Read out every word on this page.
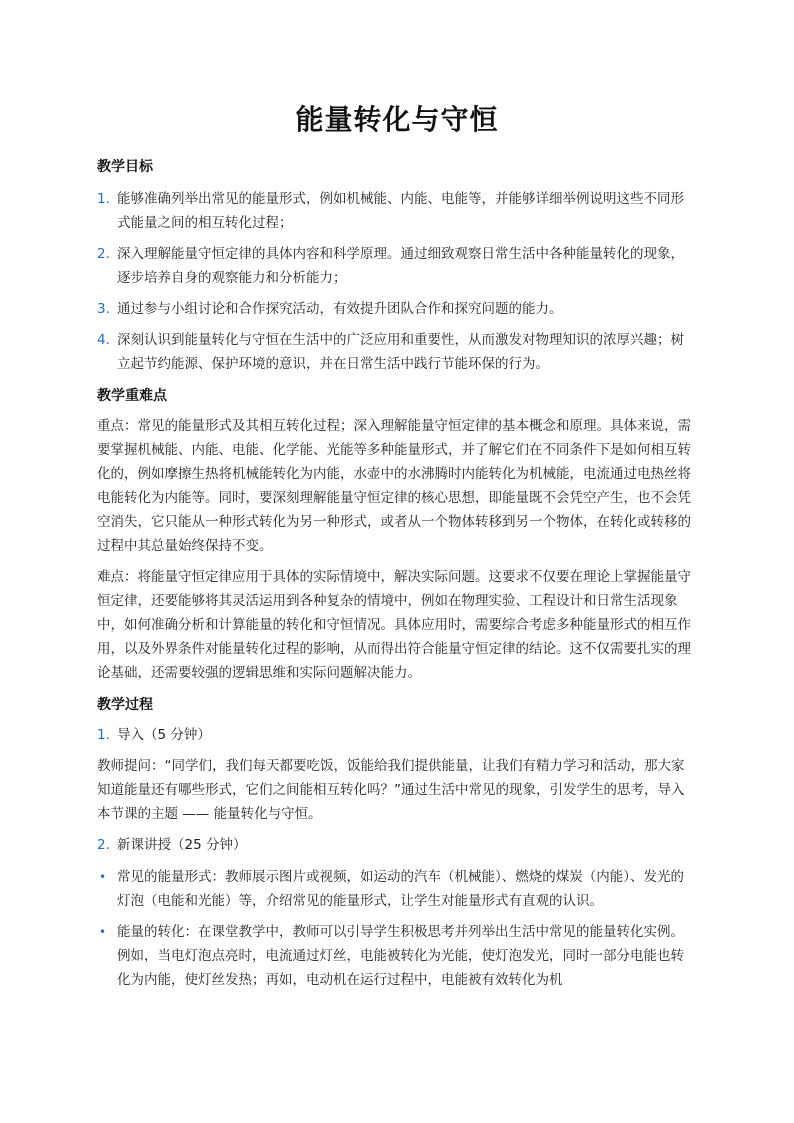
能量转化与守恒
教学目标
1. 能够准确列举出常见的能量形式，例如机械能、内能、电能等，并能够详细举例说明这些不同形式能量之间的相互转化过程；
2. 深入理解能量守恒定律的具体内容和科学原理。通过细致观察日常生活中各种能量转化的现象，逐步培养自身的观察能力和分析能力；
3. 通过参与小组讨论和合作探究活动，有效提升团队合作和探究问题的能力。
4. 深刻认识到能量转化与守恒在生活中的广泛应用和重要性，从而激发对物理知识的浓厚兴趣；树立起节约能源、保护环境的意识，并在日常生活中践行节能环保的行为。
教学重难点

重点：常见的能量形式及其相互转化过程；深入理解能量守恒定律的基本概念和原理。具体来说，需要掌握机械能、内能、电能、化学能、光能等多种能量形式，并了解它们在不同条件下是如何相互转化的，例如摩擦生热将机械能转化为内能，水壶中的水沸腾时内能转化为机械能，电流通过电热丝将电能转化为内能等。同时，要深刻理解能量守恒定律的核心思想，即能量既不会凭空产生，也不会凭空消失，它只能从一种形式转化为另一种形式，或者从一个物体转移到另一个物体，在转化或转移的过程中其总量始终保持不变。

难点：将能量守恒定律应用于具体的实际情境中，解决实际问题。这要求不仅要在理论上掌握能量守恒定律，还要能够将其灵活运用到各种复杂的情境中，例如在物理实验、工程设计和日常生活现象中，如何准确分析和计算能量的转化和守恒情况。具体应用时，需要综合考虑多种能量形式的相互作用，以及外界条件对能量转化过程的影响，从而得出符合能量守恒定律的结论。这不仅需要扎实的理论基础，还需要较强的逻辑思维和实际问题解决能力。

教学过程
1. 导入（5 分钟）

教师提问：“同学们，我们每天都要吃饭，饭能给我们提供能量，让我们有精力学习和活动，那大家知道能量还有哪些形式，它们之间能相互转化吗？”通过生活中常见的现象，引发学生的思考，导入本节课的主题 —— 能量转化与守恒。

2. 新课讲授（25 分钟）
• 常见的能量形式：教师展示图片或视频，如运动的汽车（机械能）、燃烧的煤炭（内能）、发光的灯泡（电能和光能）等，介绍常见的能量形式，让学生对能量形式有直观的认识。
• 能量的转化：在课堂教学中，教师可以引导学生积极思考并列举出生活中常见的能量转化实例。例如，当电灯泡点亮时，电流通过灯丝，电能被转化为光能，使灯泡发光，同时一部分电能也转化为内能，使灯丝发热；再如，电动机在运行过程中，电能被有效转化为机
